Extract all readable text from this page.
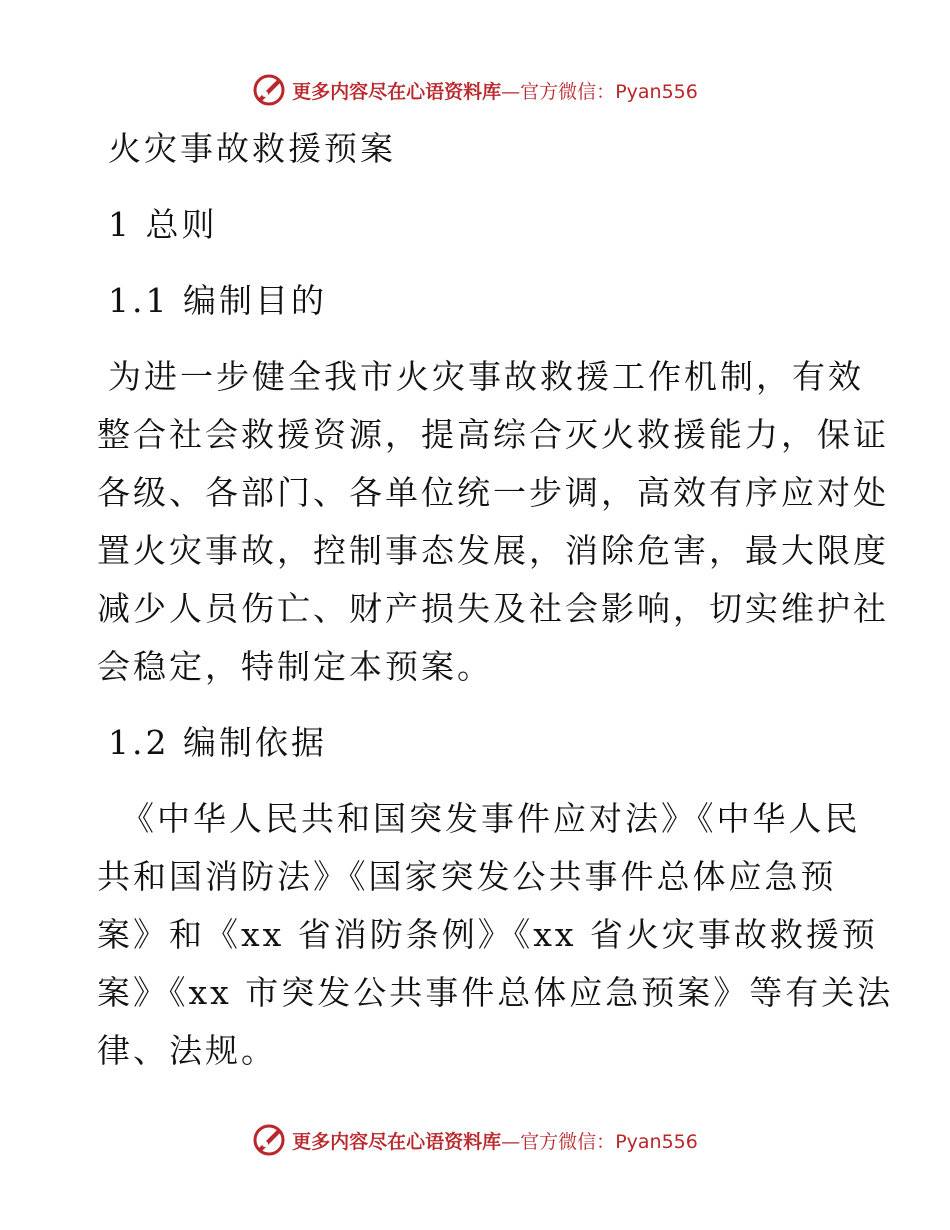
更多内容尽在心语资料库—官方微信：Pyan556
火灾事故救援预案
1 总则
1.1 编制目的

为进一步健全我市火灾事故救援工作机制，有效

整合社会救援资源，提高综合灭火救援能力，保证

各级、各部门、各单位统一步调，高效有序应对处

置火灾事故，控制事态发展，消除危害，最大限度

减少人员伤亡、财产损失及社会影响，切实维护社

会稳定，特制定本预案。

1.2 编制依据

《中华人民共和国突发事件应对法》《中华人民

共和国消防法》《国家突发公共事件总体应急预

案》和《xx 省消防条例》《xx 省火灾事故救援预

案》《xx 市突发公共事件总体应急预案》等有关法

律、法规。

更多内容尽在心语资料库—官方微信：Pyan556
